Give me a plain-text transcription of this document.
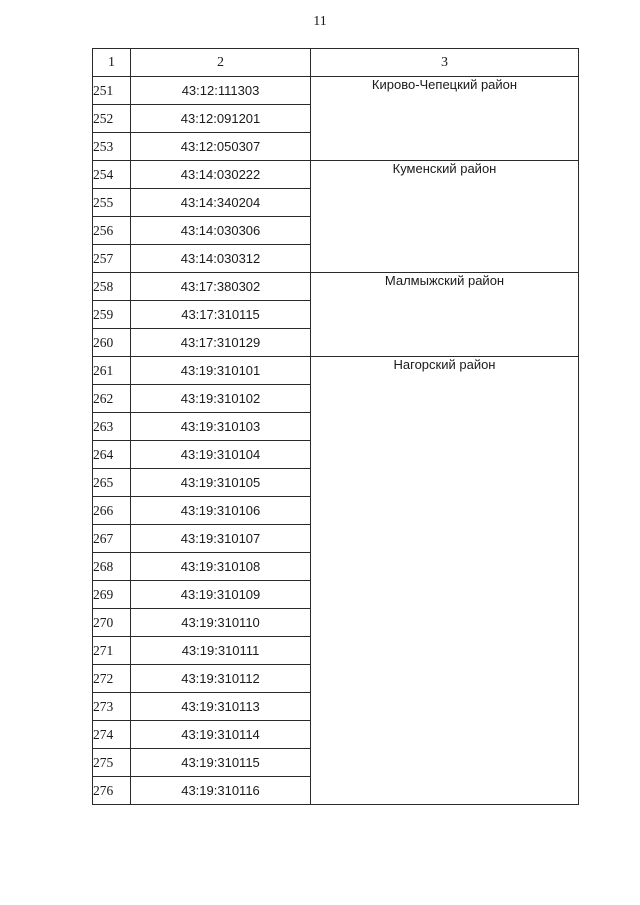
11
1	2	3
251	43:12:111303	Кирово-Чепецкий район
252	43:12:091201	
253	43:12:050307	
254	43:14:030222	Куменский район
255	43:14:340204	
256	43:14:030306	
257	43:14:030312	
258	43:17:380302	Малмыжский район
259	43:17:310115	
260	43:17:310129	
261	43:19:310101	Нагорский район
262	43:19:310102	
263	43:19:310103	
264	43:19:310104	
265	43:19:310105	
266	43:19:310106	
267	43:19:310107	
268	43:19:310108	
269	43:19:310109	
270	43:19:310110	
271	43:19:310111	
272	43:19:310112	
273	43:19:310113	
274	43:19:310114	
275	43:19:310115	
276	43:19:310116	
